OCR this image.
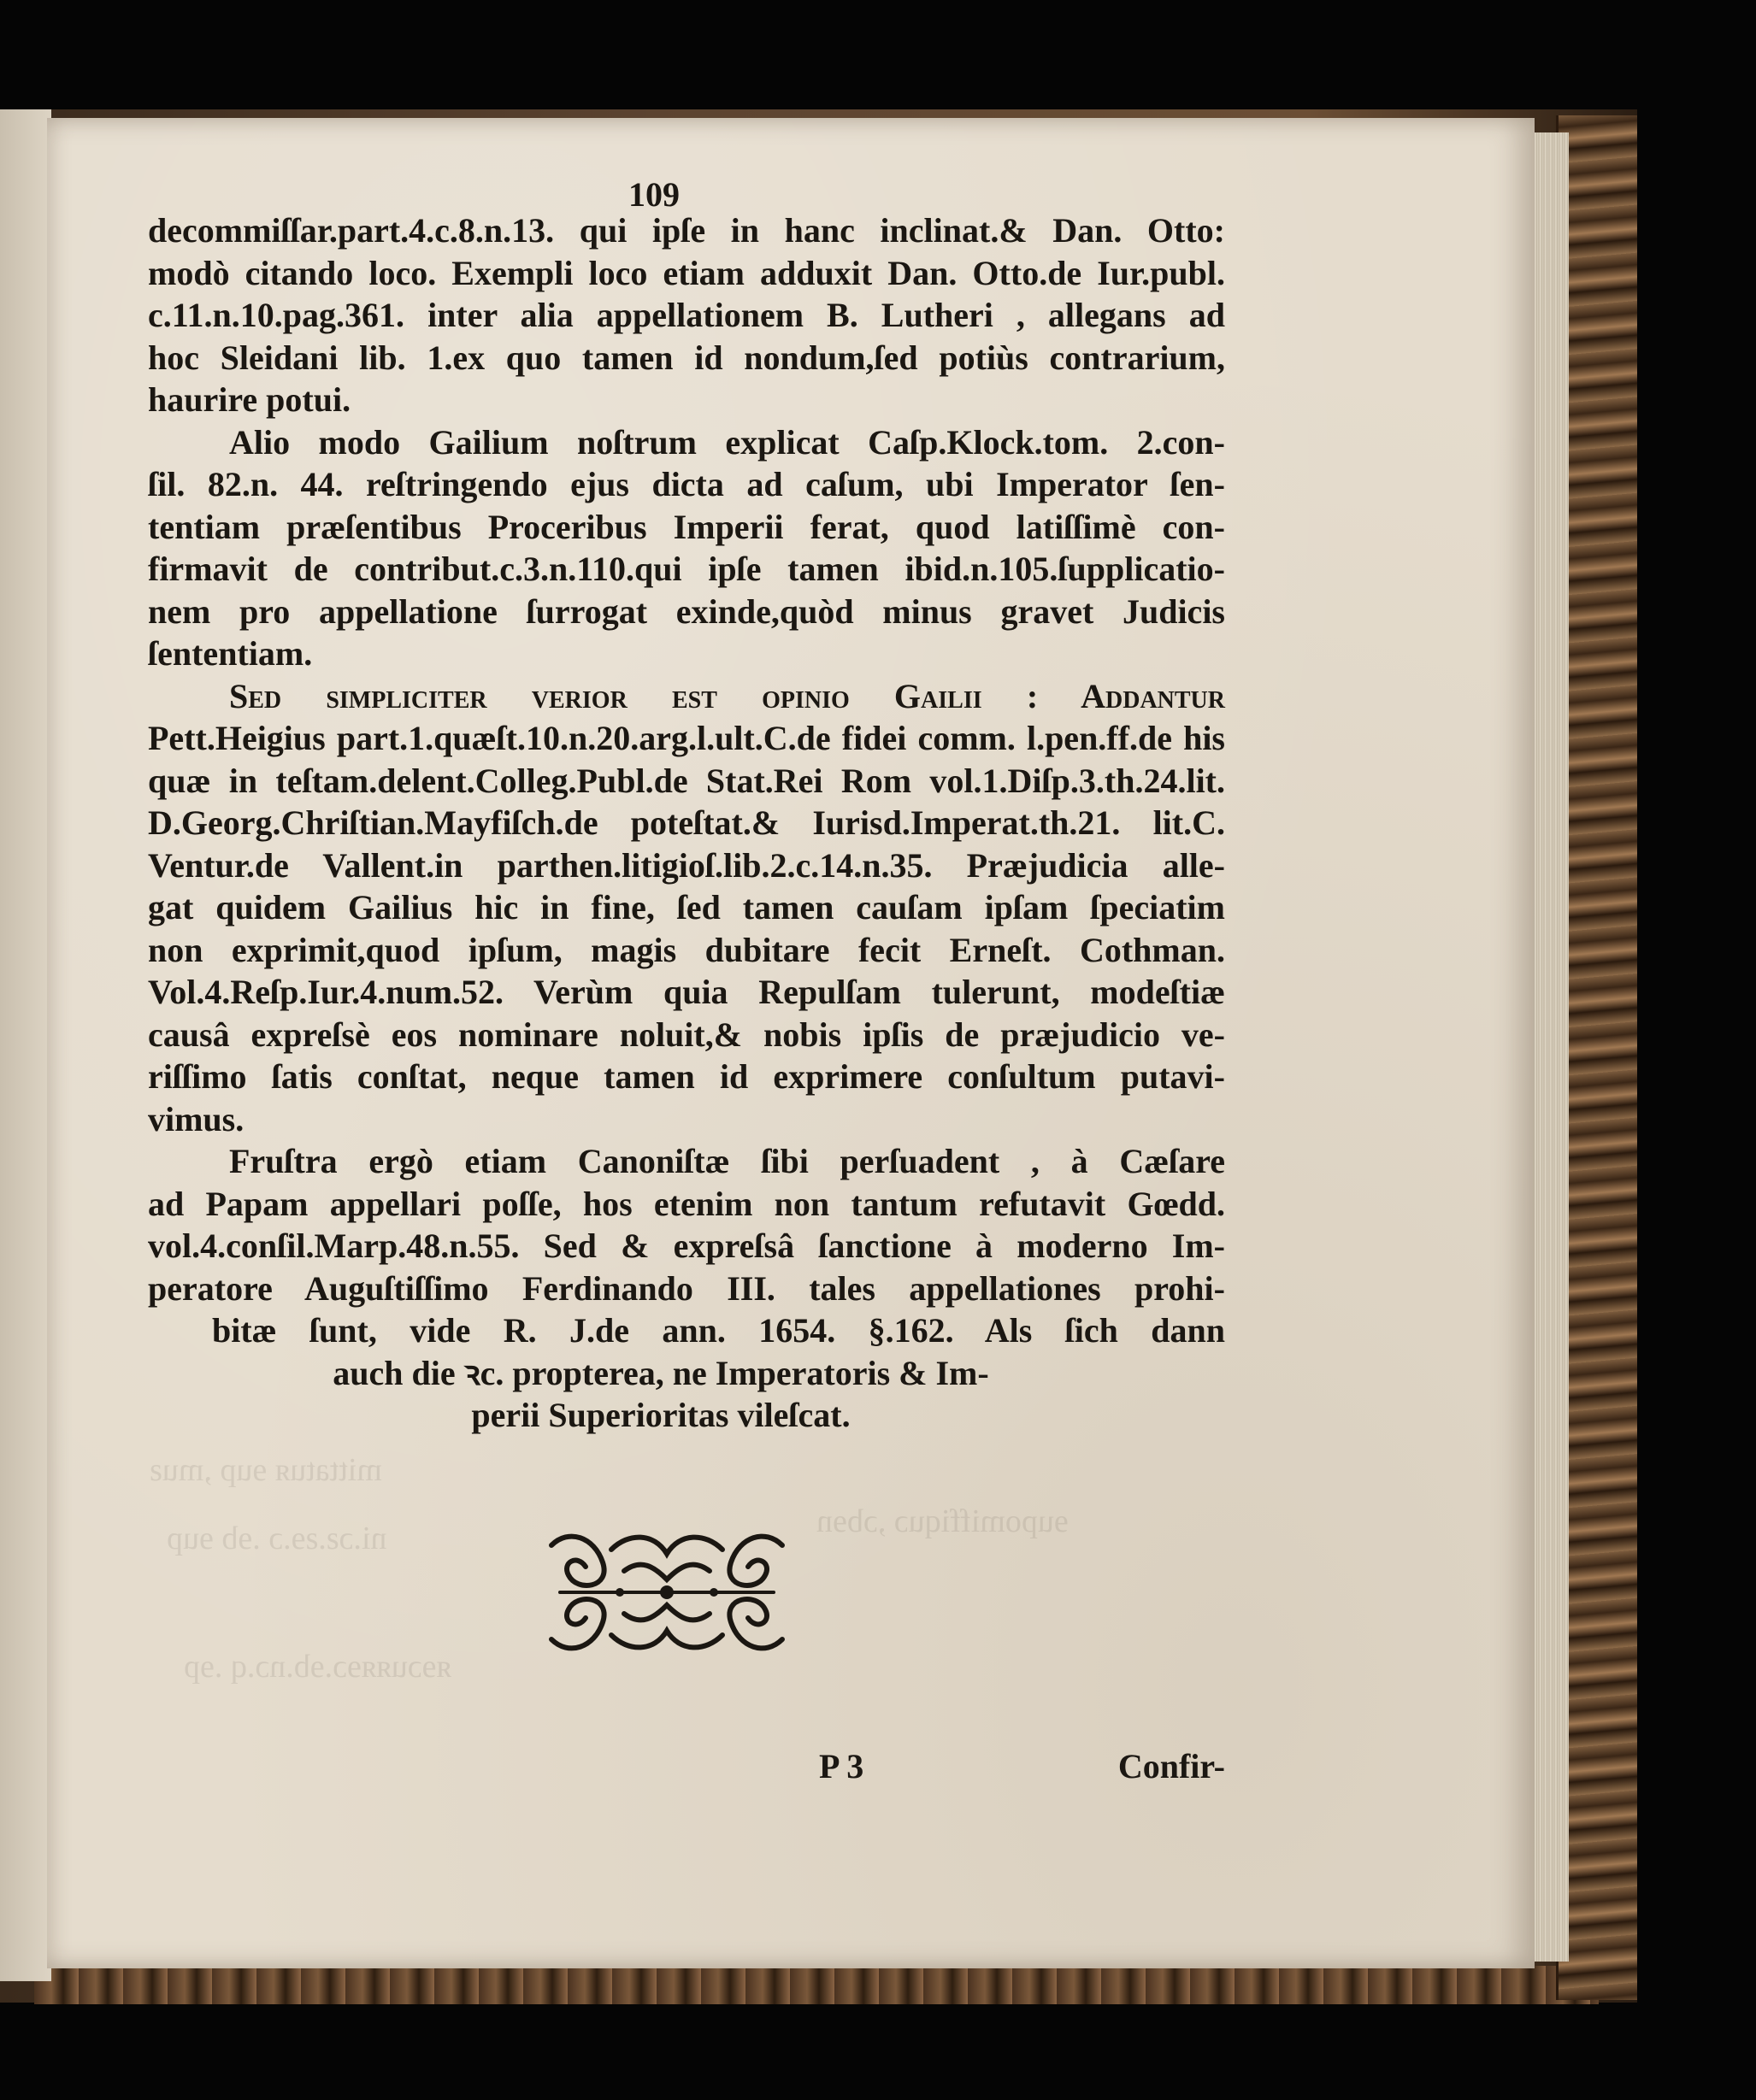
mittatuᴙ ɘup ,muƨ
ni.ɔƨ.ƨɘ.ɔ .ɘb ɘup
ᴙɘɔuᴙᴙɘɔ.ɘb.nɔ.q .ɘp
ɘupomiffiquɔ ,ɔbɘn
109
decommiſſar.part.4.c.8.n.13. qui ipſe in hanc inclinat.& Dan. Otto:
modò citando loco. Exempli loco etiam adduxit Dan. Otto.de Iur.publ.
c.11.n.10.pag.361. inter alia appellationem B. Lutheri , allegans ad
hoc Sleidani lib. 1.ex quo tamen id nondum,ſed potiùs contrarium,
haurire potui.
Alio modo Gailium noſtrum explicat Caſp.Klock.tom. 2.con-
ſil. 82.n. 44. reſtringendo ejus dicta ad caſum, ubi Imperator ſen-
tentiam præſentibus Proceribus Imperii ferat, quod latiſſimè con-
firmavit de contribut.c.3.n.110.qui ipſe tamen ibid.n.105.ſupplicatio-
nem pro appellatione ſurrogat exinde,quòd minus gravet Judicis
ſententiam.
Sed simpliciter verior eſt opinio Gailii : Addantur
Pett.Heigius part.1.quæſt.10.n.20.arg.l.ult.C.de fidei comm. l.pen.ff.de his
quæ in teſtam.delent.Colleg.Publ.de Stat.Rei Rom vol.1.Diſp.3.th.24.lit.
D.Georg.Chriſtian.Mayfiſch.de poteſtat.& Iurisd.Imperat.th.21. lit.C.
Ventur.de Vallent.in parthen.litigioſ.lib.2.c.14.n.35. Præjudicia alle-
gat quidem Gailius hic in fine, ſed tamen cauſam ipſam ſpeciatim
non exprimit,quod ipſum, magis dubitare fecit Erneſt. Cothman.
Vol.4.Reſp.Iur.4.num.52. Verùm quia Repulſam tulerunt, modeſtiæ
causâ expreſsè eos nominare noluit,& nobis ipſis de præjudicio ve-
riſſimo ſatis conſtat, neque tamen id exprimere conſultum putavi-
vimus.
Fruſtra ergò etiam Canoniſtæ ſibi perſuadent , à Cæſare
ad Papam appellari poſſe, hos etenim non tantum refutavit Gœdd.
vol.4.conſil.Marp.48.n.55. Sed & expreſsâ ſanctione à moderno Im-
peratore Auguſtiſſimo Ferdinando III. tales appellationes prohi-
bitæ ſunt, vide R. J.de ann. 1654. §.162. Als ſich dann
auch die ꝛc. propterea, ne Imperatoris & Im-
perii Superioritas vileſcat.
P 3	Confir-
